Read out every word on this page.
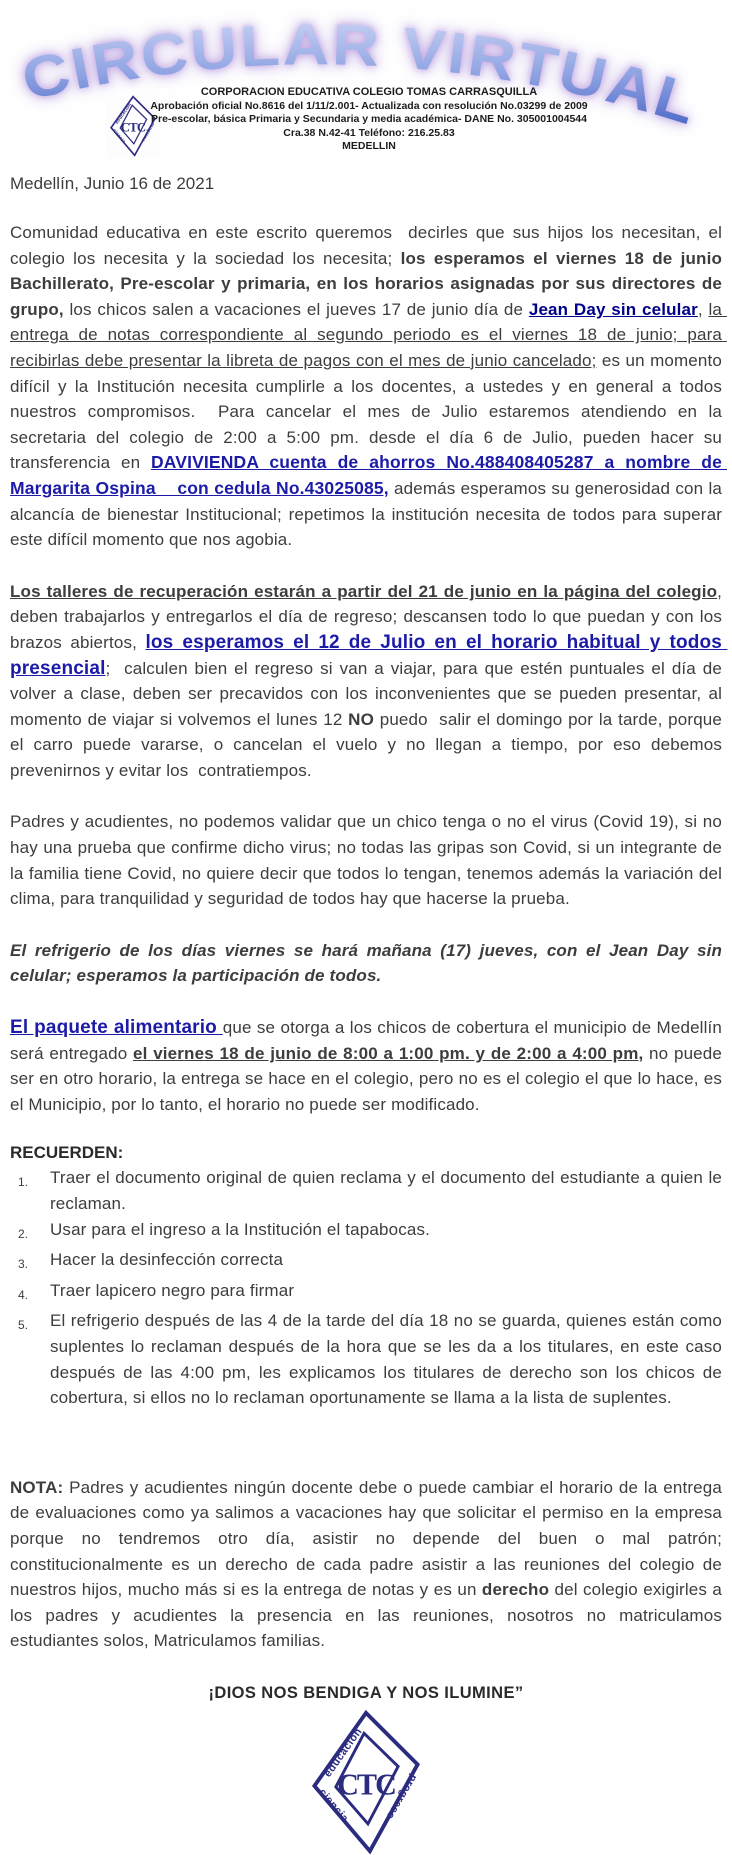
CIRCULAR VIRTUAL
CORPORACION EDUCATIVA COLEGIO TOMAS CARRASQUILLA
Aprobación oficial No.8616 del 1/11/2.001- Actualizada con resolución No.03299 de 2009
Pre-escolar, básica Primaria y Secundaria y media académica- DANE No. 305001004544
Cra.38 N.42-41 Teléfono: 216.25.83
MEDELLIN

Medellín, Junio 16 de 2021

Comunidad educativa en este escrito queremos  decirles que sus hijos los necesitan, el colegio los necesita y la sociedad los necesita; los esperamos el viernes 18 de junio Bachillerato, Pre-escolar y primaria, en los horarios asignadas por sus directores de grupo, los chicos salen a vacaciones el jueves 17 de junio día de Jean Day sin celular, la entrega de notas correspondiente al segundo periodo es el viernes 18 de junio; para recibirlas debe presentar la libreta de pagos con el mes de junio cancelado; es un momento difícil y la Institución necesita cumplirle a los docentes, a ustedes y en general a todos nuestros compromisos.  Para cancelar el mes de Julio estaremos atendiendo en la secretaria del colegio de 2:00 a 5:00 pm. desde el día 6 de Julio, pueden hacer su transferencia en DAVIVIENDA cuenta de ahorros No.488408405287 a nombre de Margarita Ospina    con cedula No.43025085, además esperamos su generosidad con la alcancía de bienestar Institucional; repetimos la institución necesita de todos para superar este difícil momento que nos agobia.

Los talleres de recuperación estarán a partir del 21 de junio en la página del colegio, deben trabajarlos y entregarlos el día de regreso; descansen todo lo que puedan y con los brazos abiertos, los esperamos el 12 de Julio en el horario habitual y todos presencial;  calculen bien el regreso si van a viajar, para que estén puntuales el día de volver a clase, deben ser precavidos con los inconvenientes que se pueden presentar, al momento de viajar si volvemos el lunes 12 NO puedo  salir el domingo por la tarde, porque el carro puede vararse, o cancelan el vuelo y no llegan a tiempo, por eso debemos prevenirnos y evitar los  contratiempos.

Padres y acudientes, no podemos validar que un chico tenga o no el virus (Covid 19), si no hay una prueba que confirme dicho virus; no todas las gripas son Covid, si un integrante de la familia tiene Covid, no quiere decir que todos lo tengan, tenemos además la variación del clima, para tranquilidad y seguridad de todos hay que hacerse la prueba.

El refrigerio de los días viernes se hará mañana (17) jueves, con el Jean Day sin celular; esperamos la participación de todos.

El paquete alimentario que se otorga a los chicos de cobertura el municipio de Medellín será entregado el viernes 18 de junio de 8:00 a 1:00 pm. y de 2:00 a 4:00 pm, no puede ser en otro horario, la entrega se hace en el colegio, pero no es el colegio el que lo hace, es el Municipio, por lo tanto, el horario no puede ser modificado.

RECUERDEN:
1.	Traer el documento original de quien reclama y el documento del estudiante a quien le reclaman.
2.	Usar para el ingreso a la Institución el tapabocas.
3.	Hacer la desinfección correcta
4.	Traer lapicero negro para firmar
5.	El refrigerio después de las 4 de la tarde del día 18 no se guarda, quienes están como suplentes lo reclaman después de la hora que se les da a los titulares, en este caso después de las 4:00 pm, les explicamos los titulares de derecho son los chicos de cobertura, si ellos no lo reclaman oportunamente se llama a la lista de suplentes.

NOTA: Padres y acudientes ningún docente debe o puede cambiar el horario de la entrega de evaluaciones como ya salimos a vacaciones hay que solicitar el permiso en la empresa porque no tendremos otro día, asistir no depende del buen o mal patrón; constitucionalmente es un derecho de cada padre asistir a las reuniones del colegio de nuestros hijos, mucho más si es la entrega de notas y es un derecho del colegio exigirles a los padres y acudientes la presencia en las reuniones, nosotros no matriculamos estudiantes solos, Matriculamos familias.

¡DIOS NOS BENDIGA Y NOS ILUMINE”
